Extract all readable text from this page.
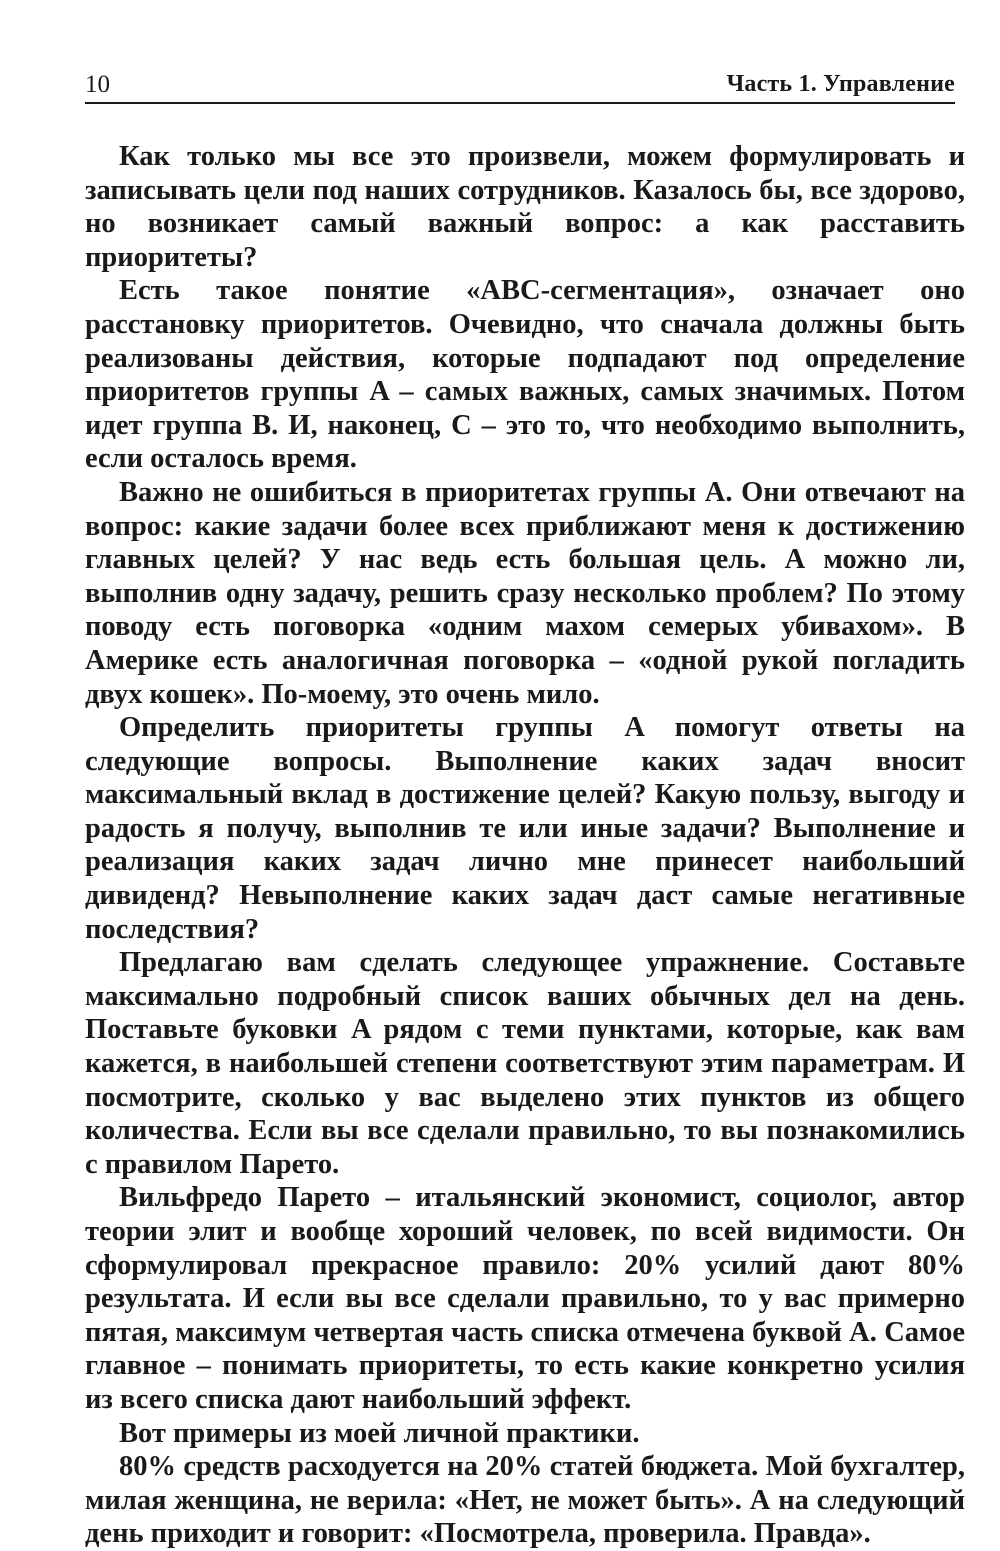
10	Часть 1. Управление

Как только мы все это произвели, можем формулировать и записывать цели под наших сотрудников. Казалось бы, все здорово, но возникает самый важный вопрос: а как расставить приоритеты?

Есть такое понятие «ABC-сегментация», означает оно расстановку приоритетов. Очевидно, что сначала должны быть реализованы действия, которые подпадают под определение приоритетов группы A – самых важных, самых значимых. Потом идет группа B. И, наконец, C – это то, что необходимо выполнить, если осталось время.

Важно не ошибиться в приоритетах группы A. Они отвечают на вопрос: какие задачи более всех приближают меня к достижению главных целей? У нас ведь есть большая цель. А можно ли, выполнив одну задачу, решить сразу несколько проблем? По этому поводу есть поговорка «одним махом семерых убивахом». В Америке есть аналогичная поговорка – «одной рукой погладить двух кошек». По-моему, это очень мило.

Определить приоритеты группы A помогут ответы на следующие вопросы. Выполнение каких задач вносит максимальный вклад в достижение целей? Какую пользу, выгоду и радость я получу, выполнив те или иные задачи? Выполнение и реализация каких задач лично мне принесет наибольший дивиденд? Невыполнение каких задач даст самые негативные последствия?

Предлагаю вам сделать следующее упражнение. Составьте максимально подробный список ваших обычных дел на день. Поставьте буковки A рядом с теми пунктами, которые, как вам кажется, в наибольшей степени соответствуют этим параметрам. И посмотрите, сколько у вас выделено этих пунктов из общего количества. Если вы все сделали правильно, то вы познакомились с правилом Парето.

Вильфредо Парето – итальянский экономист, социолог, автор теории элит и вообще хороший человек, по всей видимости. Он сформулировал прекрасное правило: 20% усилий дают 80% результата. И если вы все сделали правильно, то у вас примерно пятая, максимум четвертая часть списка отмечена буквой A. Самое главное – понимать приоритеты, то есть какие конкретно усилия из всего списка дают наибольший эффект.

Вот примеры из моей личной практики.

80% средств расходуется на 20% статей бюджета. Мой бухгалтер, милая женщина, не верила: «Нет, не может быть». А на следующий день приходит и говорит: «Посмотрела, проверила. Правда».
